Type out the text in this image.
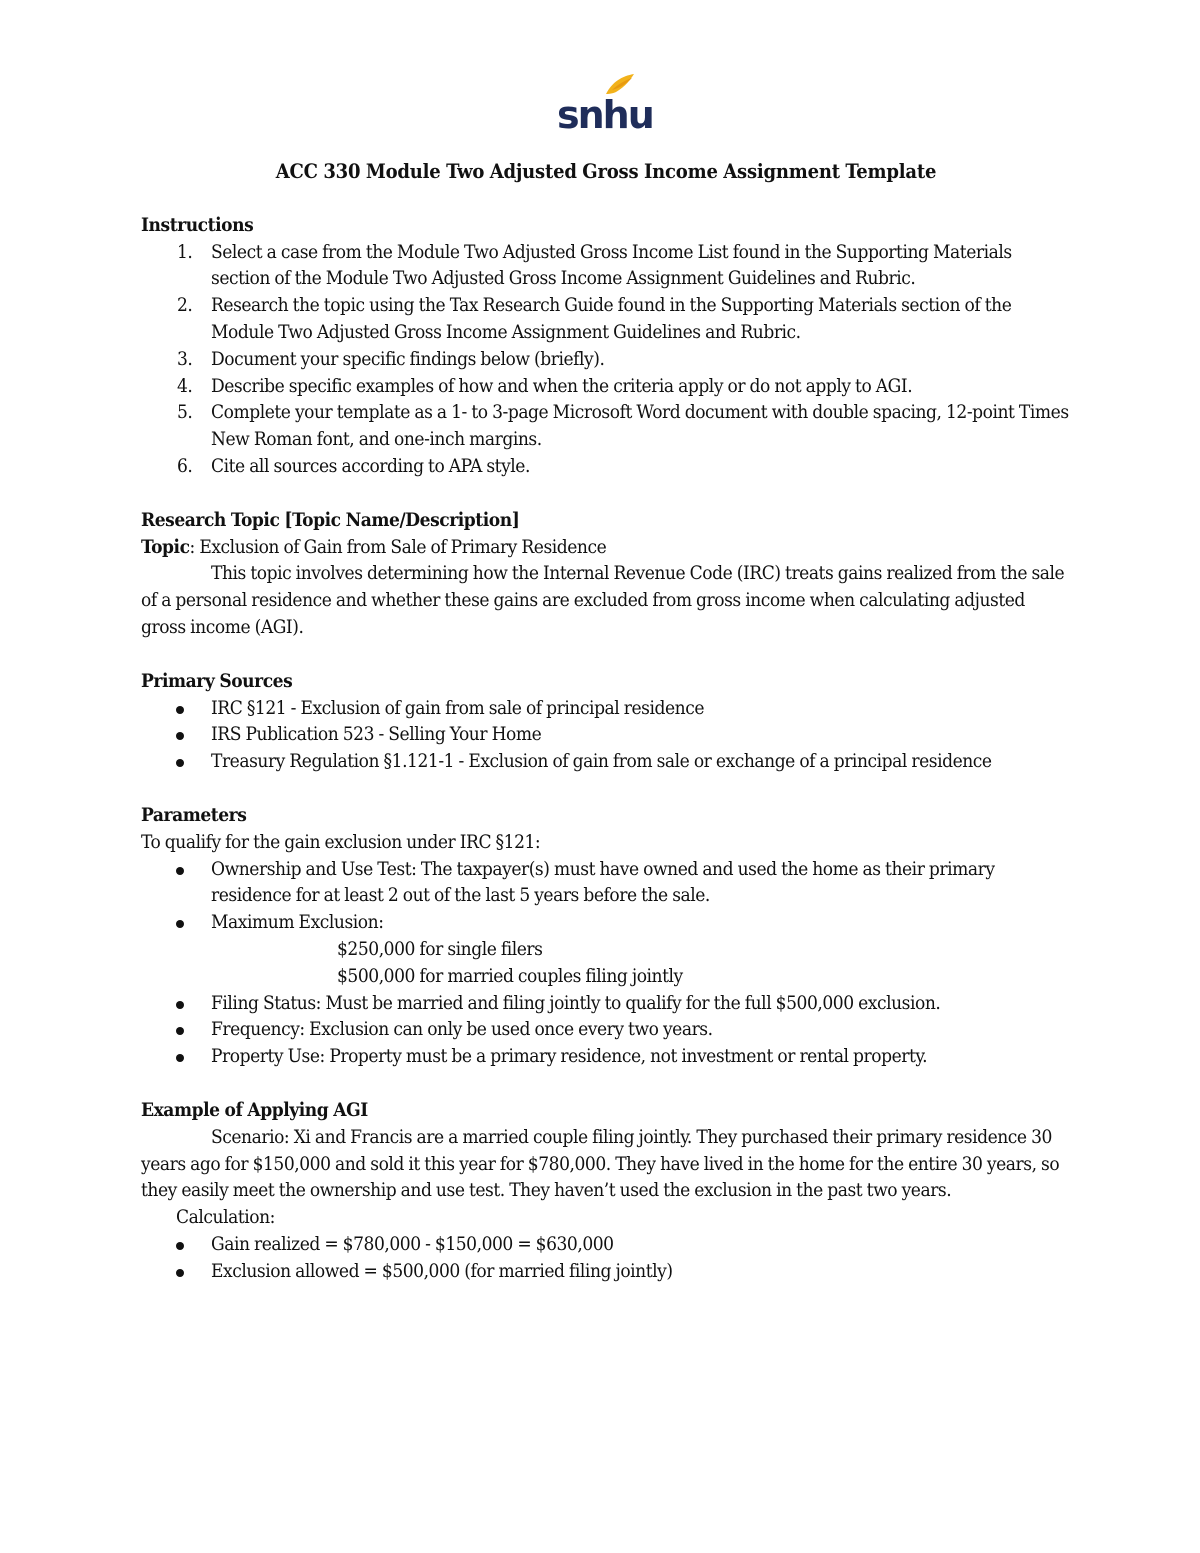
snhu
ACC 330 Module Two Adjusted Gross Income Assignment Template
Instructions
1. Select a case from the Module Two Adjusted Gross Income List found in the Supporting Materials section of the Module Two Adjusted Gross Income Assignment Guidelines and Rubric.
2. Research the topic using the Tax Research Guide found in the Supporting Materials section of the Module Two Adjusted Gross Income Assignment Guidelines and Rubric.
3. Document your specific findings below (briefly).
4. Describe specific examples of how and when the criteria apply or do not apply to AGI.
5. Complete your template as a 1- to 3-page Microsoft Word document with double spacing, 12-point Times New Roman font, and one-inch margins.
6. Cite all sources according to APA style.
Research Topic [Topic Name/Description]

Topic: Exclusion of Gain from Sale of Primary Residence

This topic involves determining how the Internal Revenue Code (IRC) treats gains realized from the sale of a personal residence and whether these gains are excluded from gross income when calculating adjusted gross income (AGI).

Primary Sources
IRC §121 - Exclusion of gain from sale of principal residence
IRS Publication 523 - Selling Your Home
Treasury Regulation §1.121-1 - Exclusion of gain from sale or exchange of a principal residence
Parameters

To qualify for the gain exclusion under IRC §121:

Ownership and Use Test: The taxpayer(s) must have owned and used the home as their primary residence for at least 2 out of the last 5 years before the sale.
Maximum Exclusion:
$250,000 for single filers
$500,000 for married couples filing jointly
Filing Status: Must be married and filing jointly to qualify for the full $500,000 exclusion.
Frequency: Exclusion can only be used once every two years.
Property Use: Property must be a primary residence, not investment or rental property.
Example of Applying AGI

Scenario: Xi and Francis are a married couple filing jointly. They purchased their primary residence 30 years ago for $150,000 and sold it this year for $780,000. They have lived in the home for the entire 30 years, so they easily meet the ownership and use test. They haven’t used the exclusion in the past two years.

Calculation:

Gain realized = $780,000 - $150,000 = $630,000
Exclusion allowed = $500,000 (for married filing jointly)
